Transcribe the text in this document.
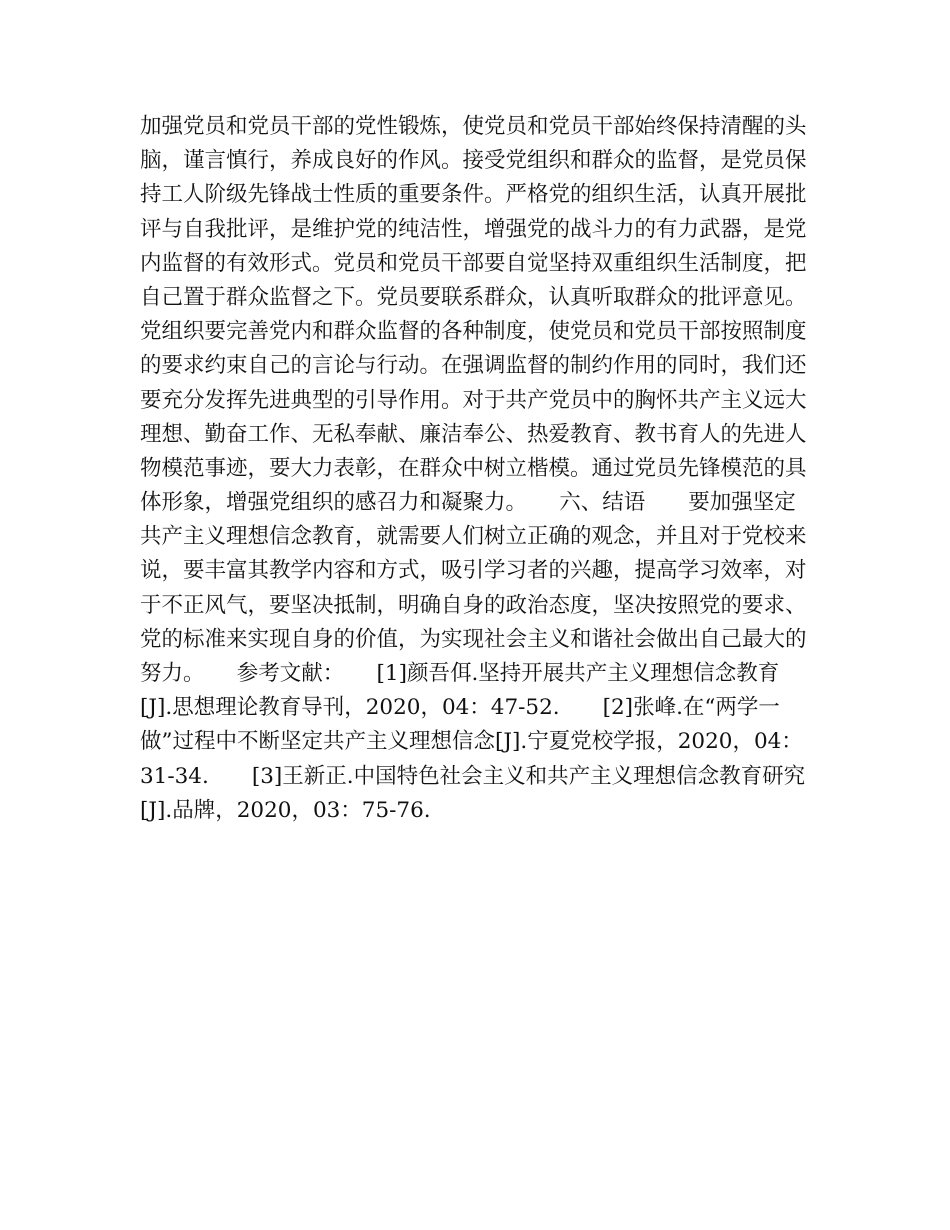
加强党员和党员干部的党性锻炼，使党员和党员干部始终保持清醒的头
脑，谨言慎行，养成良好的作风。接受党组织和群众的监督，是党员保
持工人阶级先锋战士性质的重要条件。严格党的组织生活，认真开展批
评与自我批评，是维护党的纯洁性，增强党的战斗力的有力武器，是党
内监督的有效形式。党员和党员干部要自觉坚持双重组织生活制度，把
自己置于群众监督之下。党员要联系群众，认真听取群众的批评意见。
党组织要完善党内和群众监督的各种制度，使党员和党员干部按照制度
的要求约束自己的言论与行动。在强调监督的制约作用的同时，我们还
要充分发挥先进典型的引导作用。对于共产党员中的胸怀共产主义远大
理想、勤奋工作、无私奉献、廉洁奉公、热爱教育、教书育人的先进人
物模范事迹，要大力表彰，在群众中树立楷模。通过党员先锋模范的具
体形象，增强党组织的感召力和凝聚力。　　六、结语　　要加强坚定
共产主义理想信念教育，就需要人们树立正确的观念，并且对于党校来
说，要丰富其教学内容和方式，吸引学习者的兴趣，提高学习效率，对
于不正风气，要坚决抵制，明确自身的政治态度，坚决按照党的要求、
党的标准来实现自身的价值，为实现社会主义和谐社会做出自己最大的
努力。　　参考文献：　　[1]颜吾佴.坚持开展共产主义理想信念教育
[J].思想理论教育导刊，2020，04：47-52.　　[2]张峰.在“两学一
做”过程中不断坚定共产主义理想信念[J].宁夏党校学报，2020，04：
31-34.　　[3]王新正.中国特色社会主义和共产主义理想信念教育研究
[J].品牌，2020，03：75-76.
